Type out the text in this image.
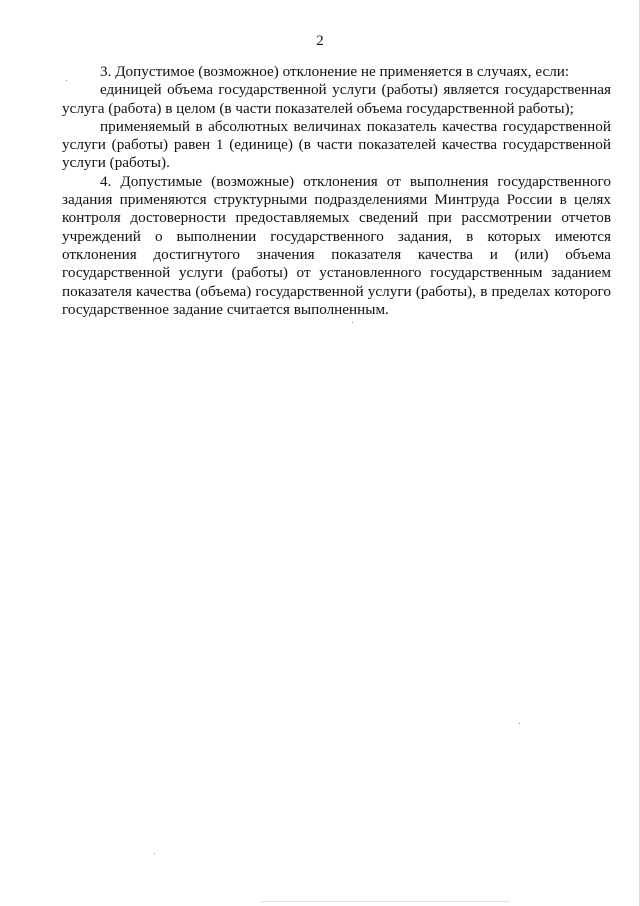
2

3. Допустимое (возможное) отклонение не применяется в случаях, если:

единицей объема государственной услуги (работы) является государственная услуга (работа) в целом (в части показателей объема государственной работы);

применяемый в абсолютных величинах показатель качества государственной услуги (работы) равен 1 (единице) (в части показателей качества государственной услуги (работы).

4. Допустимые (возможные) отклонения от выполнения государственного задания применяются структурными подразделениями Минтруда России в целях контроля достоверности предоставляемых сведений при рассмотрении отчетов учреждений о выполнении государственного задания, в которых имеются отклонения достигнутого значения показателя качества и (или) объема государственной услуги (работы) от установленного государственным заданием показателя качества (объема) государственной услуги (работы), в пределах которого государственное задание считается выполненным.
